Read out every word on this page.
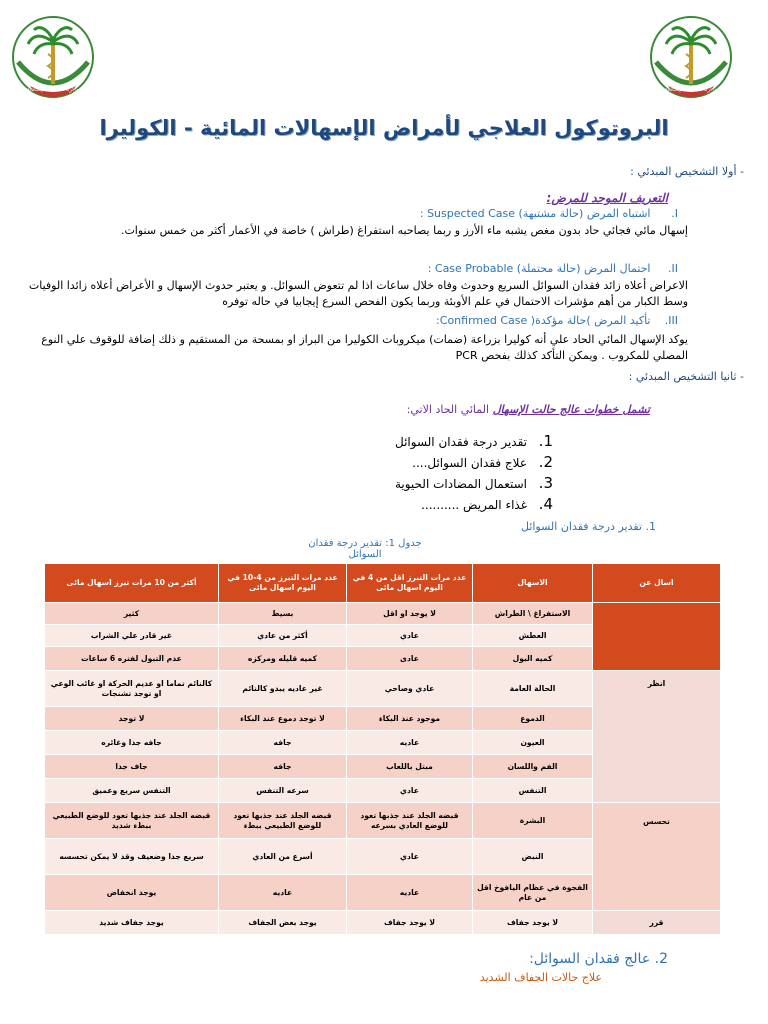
وزارة الصحة الإتحادية	وزارة الصحة الإتحادية
البروتوكول العلاجي لأمراض الإسهالات المائية - الكوليرا
- أولا التشخيص المبدئي :
التعريف الموحد للمرض:
I. اشتباه المرض (حالة مشتبهة) Suspected Case :
إسهال مائي فجائي حاد بدون مغص يشبه ماء الأرز و ربما يصاحبه استفراغ (طراش ) خاصة في الأعمار أكثر من خمس سنوات.
II. احتمال المرض (حالة محتملة) Case Probable :
الاعراض أعلاه زائد فقدان السوائل السريع وحدوث وفاه خلال ساعات اذا لم تتعوض السوائل. و يعتبر حدوث الإسهال و الأعراض أعلاه زائدا الوفيات
وسط الكبار من أهم مؤشرات الاحتمال في علم الأوبئة وربما يكون الفحص السرع إيجابيا في حاله توفره
III. تأكيد المرض )حالة مؤكدة( Confirmed Case:
يوكد الإسهال المائي الحاد علي أنه كوليرا بزراعة (ضمات) ميكروبات الكوليرا من البراز او بمسحة من المستقيم و ذلك إضافة للوقوف علي النوع
المصلي للمكروب . ويمكن التأكد كذلك بفحص PCR
- ثانيا التشخيص المبدئي :
تشمل خطوات عالج حالت الإسهال المائي الحاد الاتي:
1.تقدير درجة فقدان السوائل
2.علاج فقدان السوائل....
3.استعمال المضادات الحيوية
4.غذاء المريض ..........
1. تقدير درجة فقدان السوائل
جدول 1: تقدير درجة فقدان السوائل
اسال عن	الاسهال	عدد مرات التبرز اقل من 4 في اليوم اسهال مائى	عدد مرات التبرز من 4-10 في اليوم اسهال مائى	أكثر من 10 مرات تبرز اسهال مائى
	الاستفراغ \ الطراش	لا يوجد او اقل	بسيط	كثير
	العطش	عادي	أكثر من عادي	غير قادر علي الشراب
	كميه البول	عادى	كميه قليله ومركزه	عدم التبول لفتره 6 ساعات
انظر	الحالة العامة	عادي وصاحي	غير عاديه يبدو كالنائم	كالنائم تماما او عديم الحركة او غائب الوعي او توجد تشنجات
	الدموع	موجود عند البكاء	لا توجد دموع عند البكاء	لا توجد
	العيون	عاديه	جافه	جافه جدا وغائره
	الفم واللسان	مبتل باللعاب	جافه	جاف جدا
	التنفس	عادي	سرعه التنفس	التنفس سريع وعميق
تحسس	البشرة	قبضه الجلد عند جذبها تعود للوضع العادي بسرعه	قبضه الجلد عند جذبها تعود للوضع الطبيعي ببطء	قبضه الجلد عند جذبها تعود للوضع الطبيعي ببطء شديد
	النبض	عادي	أسرع من العادي	سريع جدا وضعيف وقد لا يمكن تحسسه
	الفجوة في عظام اليافوخ اقل من عام	عاديه	عاديه	يوجد انخفاض
قرر	لا يوجد جفاف	لا يوجد جفاف	يوجد بعض الجفاف	يوجد جفاف شديد
2. عالج فقدان السوائل:
علاج حالات الجفاف الشديد
